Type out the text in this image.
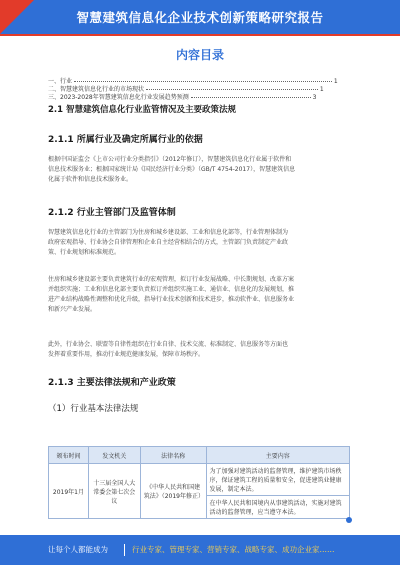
智慧建筑信息化企业技术创新策略研究报告
内容目录
一、行业	1
二、智慧建筑信息化行业的市场现状	1
三、2023-2028年智慧建筑信息化行业发展趋势预测	3
2.1 智慧建筑信息化行业监管情况及主要政策法规
2.1.1 所属行业及确定所属行业的依据
根据中国证监会《上市公司行业分类指引》（2012年修订），智慧建筑信息化行业属于软件和
信息技术服务业；根据国家统计局《国民经济行业分类》（GB/T 4754-2017），智慧建筑信息
化属于软件和信息技术服务业。
2.1.2 行业主管部门及监管体制
智慧建筑信息化行业的主管部门为住房和城乡建设部、工业和信息化部等，行业管理体制为
政府宏观指导、行业协会自律管理和企业自主经营相结合的方式，主管部门负责制定产业政
策、行业规划和标准规范。
住房和城乡建设部主要负责建筑行业的宏观管理，拟订行业发展战略、中长期规划、改革方案
并组织实施；工业和信息化部主要负责拟订并组织实施工业、通信业、信息化的发展规划，推
进产业结构战略性调整和优化升级，指导行业技术创新和技术进步，推动软件业、信息服务业
和新兴产业发展。
此外，行业协会、联盟等自律性组织在行业自律、技术交流、标准制定、信息服务等方面也
发挥着重要作用，推动行业规范健康发展，保障市场秩序。
2.1.3 主要法律法规和产业政策
（1）行业基本法律法规
颁布时间	发文机关	法律名称	主要内容
2019年1月	十三届全国人大常委会第七次会议	《中华人民共和国建筑法》（2019年修正）	为了加强对建筑活动的监督管理，维护建筑市场秩序，保证建筑工程的质量和安全，促进建筑业健康发展，制定本法。
			在中华人民共和国境内从事建筑活动，实施对建筑活动的监督管理，应当遵守本法。
让每个人都能成为	行业专家、管理专家、营销专家、战略专家、成功企业家……
